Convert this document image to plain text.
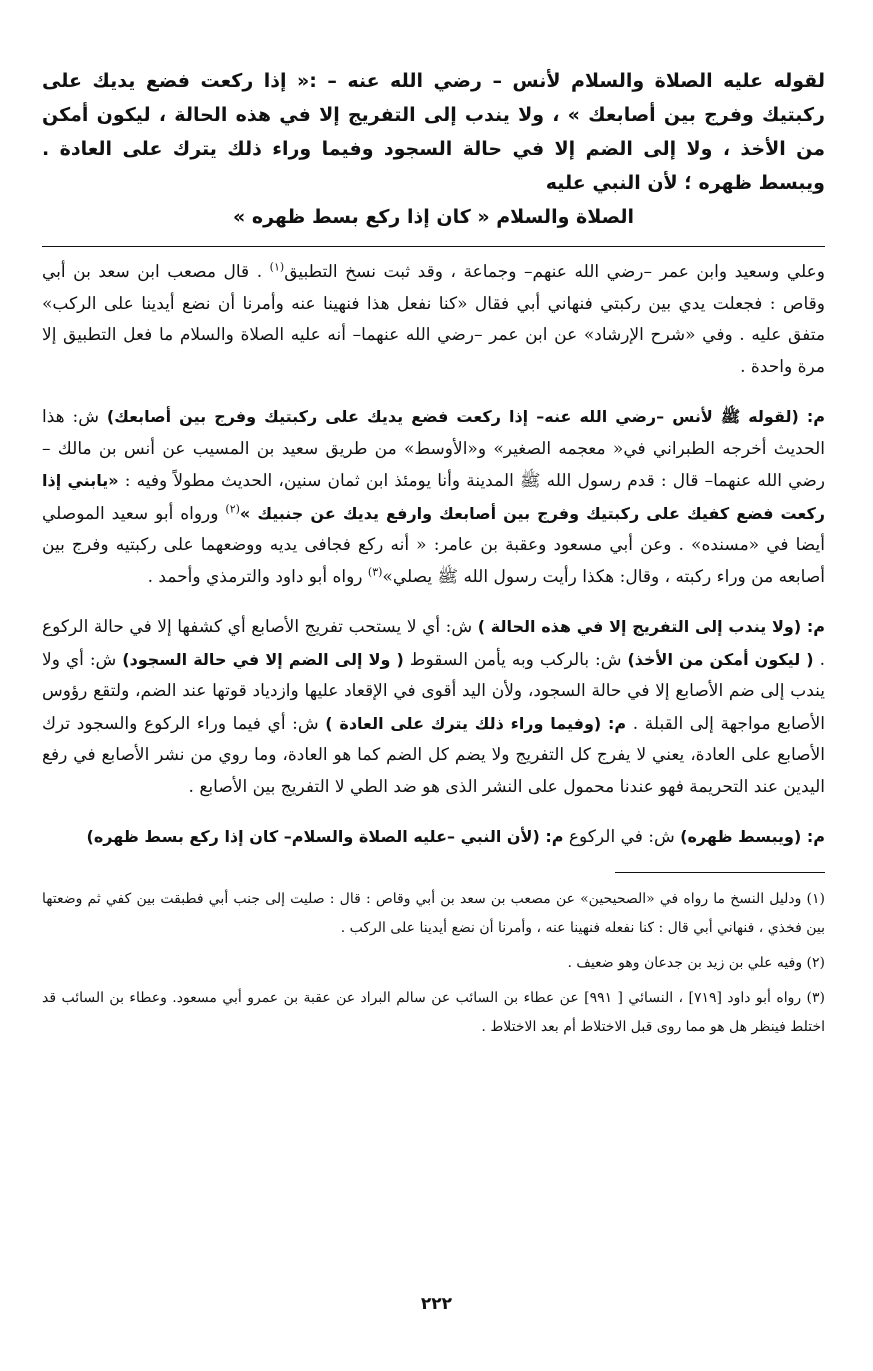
لقوله عليه الصلاة والسلام لأنس – رضي الله عنه – :« إذا ركعت فضع يديك على ركبتيك وفرج بين أصابعك » ، ولا يندب إلى التفريج إلا في هذه الحالة ، ليكون أمكن من الأخذ ، ولا إلى الضم إلا في حالة السجود وفيما وراء ذلك يترك على العادة . ويبسط ظهره ؛ لأن النبي عليه
الصلاة والسلام « كان إذا ركع بسط ظهره »

وعلي وسعيد وابن عمر –رضي الله عنهم– وجماعة ، وقد ثبت نسخ التطبيق$^{(١)}$ . قال مصعب ابن سعد بن أبي وقاص : فجعلت يدي بين ركبتي فنهاني أبي فقال «كنا نفعل هذا فنهينا عنه وأمرنا أن نضع أيدينا على الركب» متفق عليه . وفي «شرح الإرشاد» عن ابن عمر –رضي الله عنهما– أنه عليه الصلاة والسلام ما فعل التطبيق إلا مرة واحدة .

م: (لقوله ﷺ لأنس –رضي الله عنه– إذا ركعت فضع يديك على ركبتيك وفرج بين أصابعك) ش: هذا الحديث أخرجه الطبراني في« معجمه الصغير» و«الأوسط» من طريق سعيد بن المسيب عن أنس بن مالك –رضي الله عنهما– قال : قدم رسول الله ﷺ المدينة وأنا يومئذ ابن ثمان سنين، الحديث مطولاً وفيه : «يابني إذا ركعت فضع كفيك على ركبتيك وفرج بين أصابعك وارفع يديك عن جنبيك »$^{(٢)}$ ورواه أبو سعيد الموصلي أيضا في «مسنده» . وعن أبي مسعود وعقبة بن عامر: « أنه ركع فجافى يديه ووضعهما على ركبتيه وفرج بين أصابعه من وراء ركبته ، وقال: هكذا رأيت رسول الله ﷺ يصلي»$^{(٣)}$ رواه أبو داود والترمذي وأحمد .

م: (ولا يندب إلى التفريج إلا في هذه الحالة ) ش: أي لا يستحب تفريج الأصابع أي كشفها إلا في حالة الركوع . ( ليكون أمكن من الأخذ) ش: بالركب وبه يأمن السقوط ( ولا إلى الضم إلا في حالة السجود) ش: أي ولا يندب إلى ضم الأصابع إلا في حالة السجود، ولأن اليد أقوى في الإقعاد عليها وازدياد قوتها عند الضم، ولتقع رؤوس الأصابع مواجهة إلى القبلة . م: (وفيما وراء ذلك يترك على العادة ) ش: أي فيما وراء الركوع والسجود ترك الأصابع على العادة، يعني لا يفرج كل التفريج ولا يضم كل الضم كما هو العادة، وما روي من نشر الأصابع في رفع اليدين عند التحريمة فهو عندنا محمول على النشر الذى هو ضد الطي لا التفريج بين الأصابع .

م: (ويبسط ظهره) ش: في الركوع م: (لأن النبي –عليه الصلاة والسلام– كان إذا ركع بسط ظهره)

(١) ودليل النسخ ما رواه في «الصحيحين» عن مصعب بن سعد بن أبي وقاص : قال : صليت إلى جنب أبي فطبقت بين كفي ثم وضعتها بين فخذي ، فنهاني أبي قال : كنا نفعله فنهينا عنه ، وأمرنا أن نضع أيدينا على الركب .

(٢) وفيه علي بن زيد بن جدعان وهو ضعيف .

(٣) رواه أبو داود [٧١٩] ، النسائي [ ٩٩١] عن عطاء بن السائب عن سالم البراد عن عقبة بن عمرو أبي مسعود. وعطاء بن السائب قد اختلط فينظر هل هو مما روى قبل الاختلاط أم بعد الاختلاط .

٢٢٢
